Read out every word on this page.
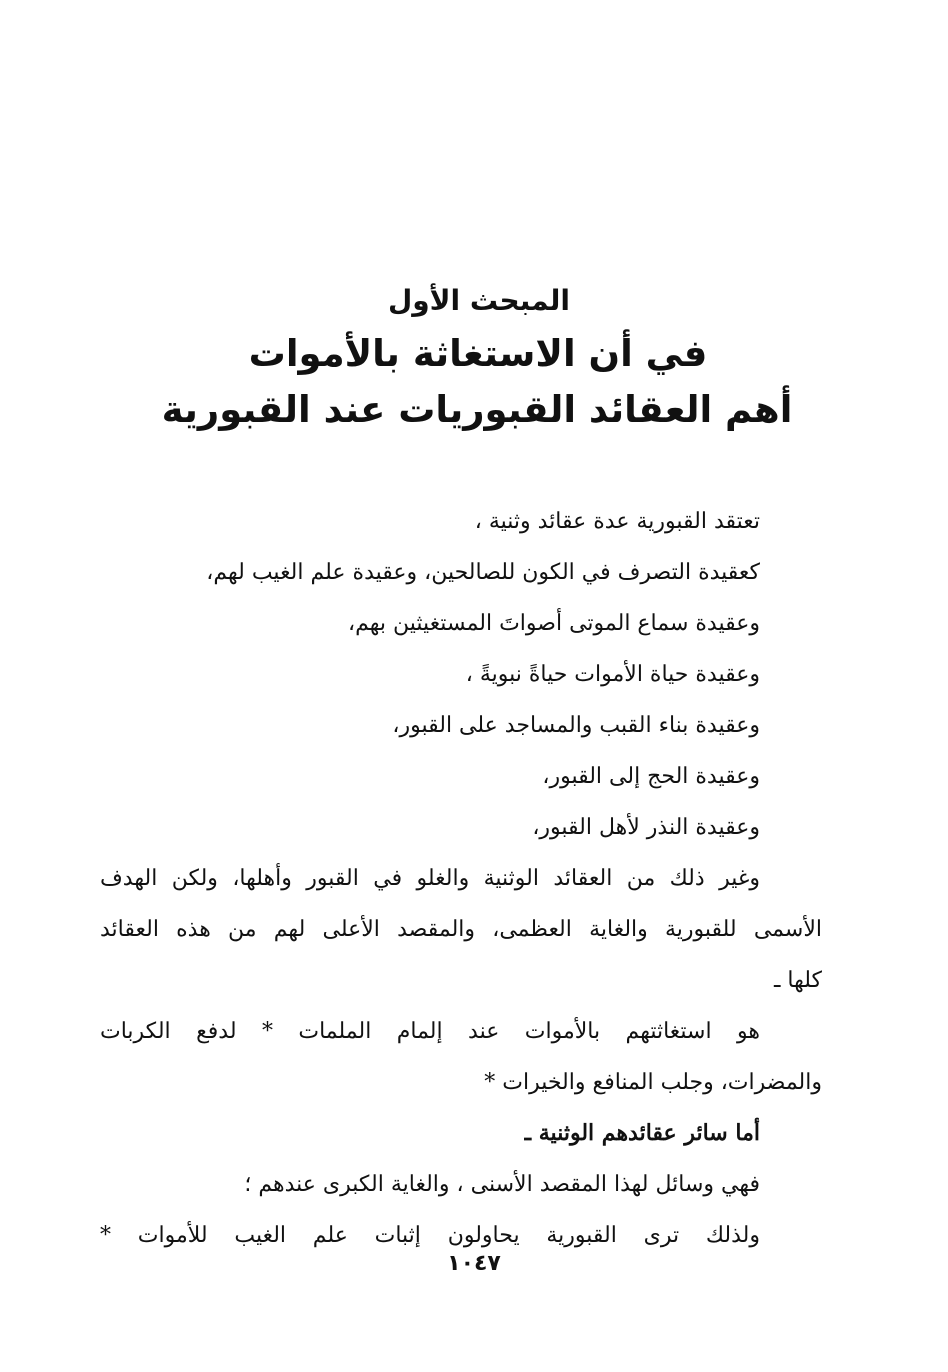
المبحث الأول
في أن الاستغاثة بالأموات
أهم العقائد القبوريات عند القبورية
تعتقد القبورية عدة عقائد وثنية ،
كعقيدة التصرف في الكون للصالحين، وعقيدة علم الغيب لهم،
وعقيدة سماع الموتى أصواتَ المستغيثين بهم،
وعقيدة حياة الأموات حياةً نبويةً ،
وعقيدة بناء القبب والمساجد على القبور،
وعقيدة الحج إلى القبور،
وعقيدة النذر لأهل القبور،
وغير ذلك من العقائد الوثنية والغلو في القبور وأهلها، ولكن الهدف
الأسمى للقبورية والغاية العظمى، والمقصد الأعلى لهم من هذه العقائد
كلها ـ
هو استغاثتهم بالأموات عند إلمام الملمات * لدفع الكربات
والمضرات، وجلب المنافع والخيرات *
أما سائر عقائدهم الوثنية ـ
فهي وسائل لهذا المقصد الأسنى ، والغاية الكبرى عندهم ؛
ولذلك ترى القبورية يحاولون إثبات علم الغيب للأموات *
١٠٤٧
